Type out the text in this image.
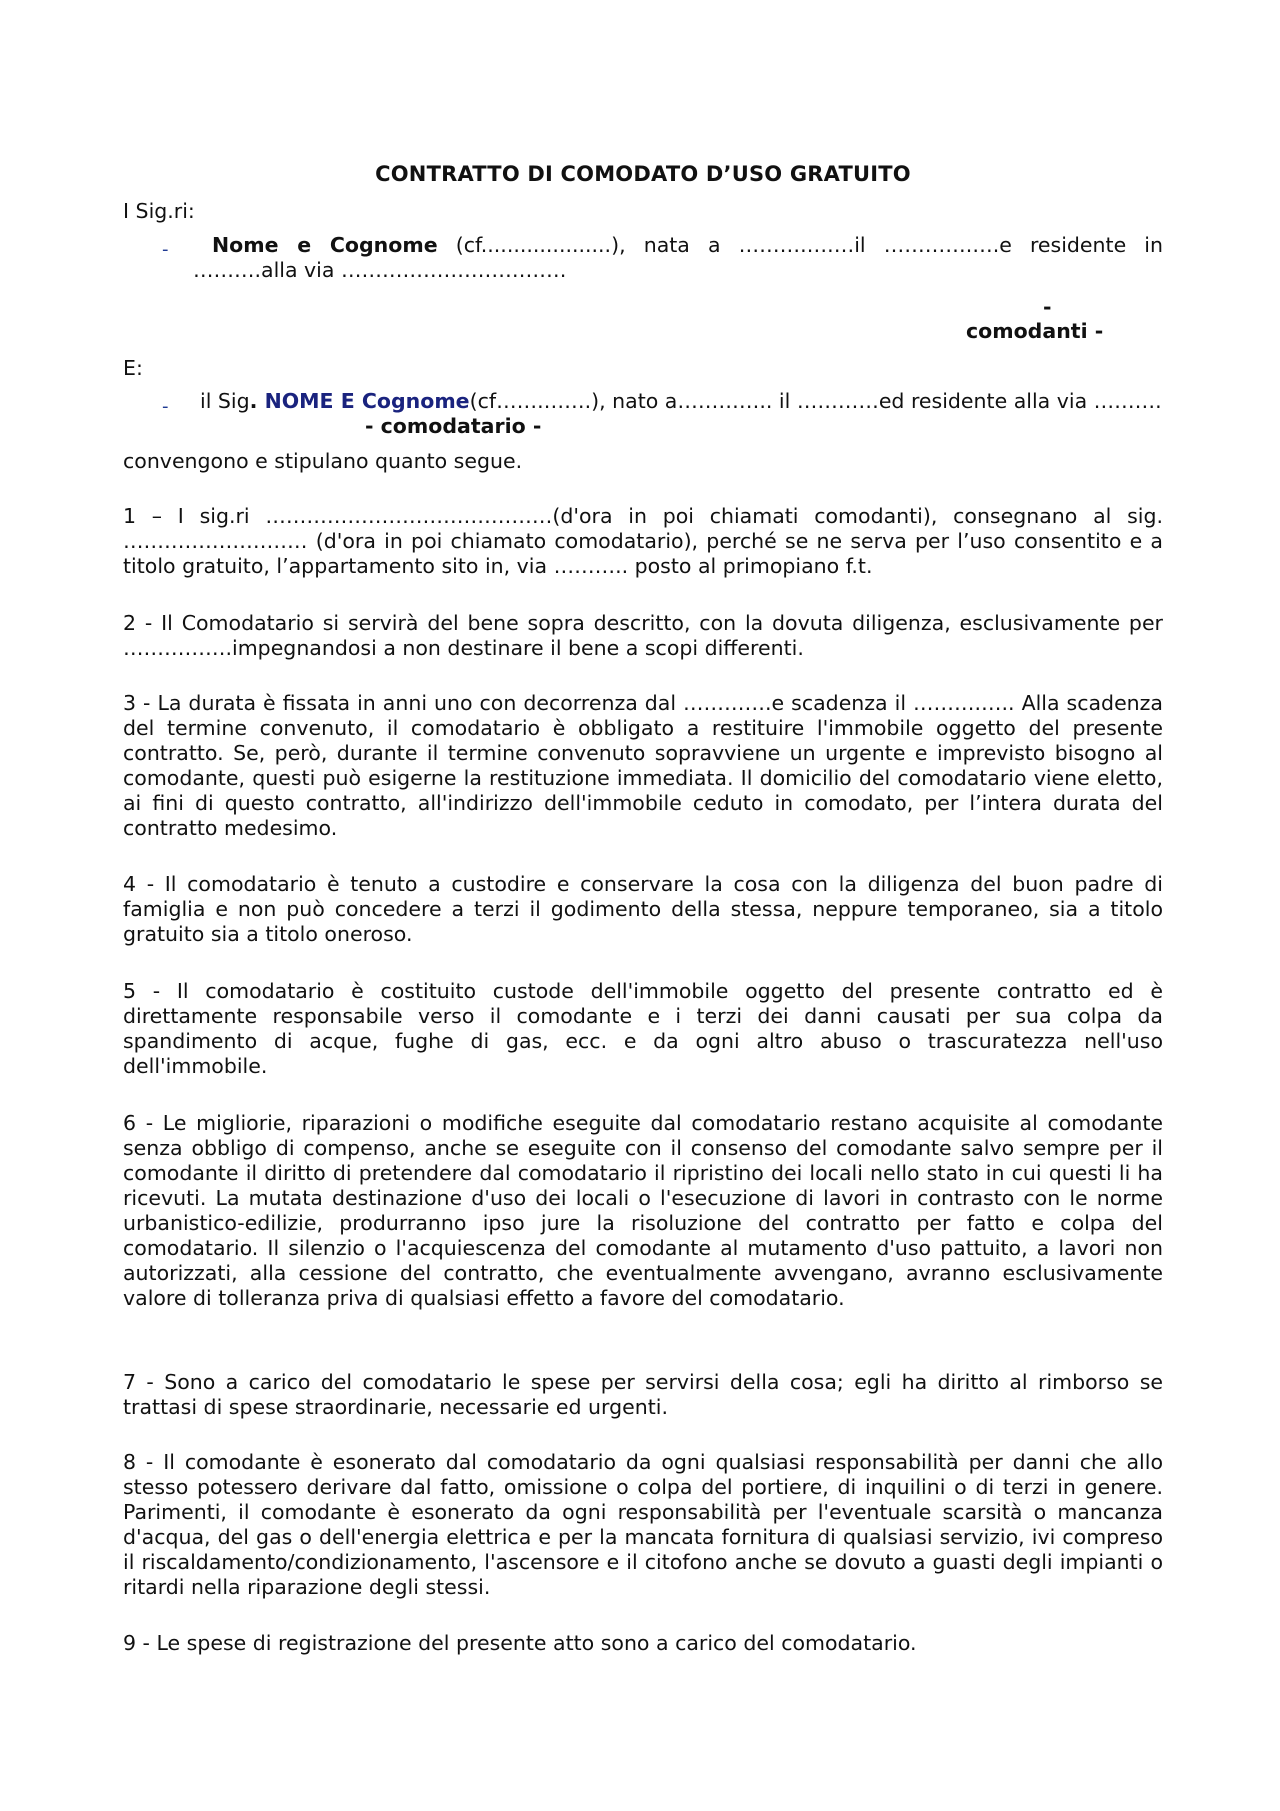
CONTRATTO DI COMODATO D’USO GRATUITO
I Sig.ri:
-	Nome e Cognome (cf....................), nata a ……….….…il ………….….e residente in ……….alla via ……………………………
-
comodanti -
E:
- il Sig. NOME E Cognome(cf…….…….), nato a………….. il …………ed residente alla via ……….
- comodatario -
convengono e stipulano quanto segue.
1 – I sig.ri ……………………………………(d'ora in poi chiamati comodanti), consegnano al sig. ……………………… (d'ora in poi chiamato comodatario), perché se ne serva per l’uso consentito e a titolo gratuito, l’appartamento sito in, via ……….. posto al primopiano f.t.
2 - Il Comodatario si servirà del bene sopra descritto, con la dovuta diligenza, esclusivamente per …………….impegnandosi a non destinare il bene a scopi differenti.
3 - La durata è fissata in anni uno con decorrenza dal ………….e scadenza il ……….….. Alla scadenza del termine convenuto, il comodatario è obbligato a restituire l'immobile oggetto del presente contratto. Se, però, durante il termine convenuto sopravviene un urgente e imprevisto bisogno al comodante, questi può esigerne la restituzione immediata. Il domicilio del comodatario viene eletto, ai fini di questo contratto, all'indirizzo dell'immobile ceduto in comodato, per l’intera durata del contratto medesimo.
4 - Il comodatario è tenuto a custodire e conservare la cosa con la diligenza del buon padre di famiglia e non può concedere a terzi il godimento della stessa, neppure temporaneo, sia a titolo gratuito sia a titolo oneroso.
5 - Il comodatario è costituito custode dell'immobile oggetto del presente contratto ed è direttamente responsabile verso il comodante e i terzi dei danni causati per sua colpa da spandimento di acque, fughe di gas, ecc. e da ogni altro abuso o trascuratezza nell'uso dell'immobile.
6 - Le migliorie, riparazioni o modifiche eseguite dal comodatario restano acquisite al comodante senza obbligo di compenso, anche se eseguite con il consenso del comodante salvo sempre per il comodante il diritto di pretendere dal comodatario il ripristino dei locali nello stato in cui questi li ha ricevuti. La mutata destinazione d'uso dei locali o l'esecuzione di lavori in contrasto con le norme urbanistico-edilizie, produrranno ipso jure la risoluzione del contratto per fatto e colpa del comodatario. Il silenzio o l'acquiescenza del comodante al mutamento d'uso pattuito, a lavori non autorizzati, alla cessione del contratto, che eventualmente avvengano, avranno esclusivamente valore di tolleranza priva di qualsiasi effetto a favore del comodatario.
7 - Sono a carico del comodatario le spese per servirsi della cosa; egli ha diritto al rimborso se trattasi di spese straordinarie, necessarie ed urgenti.
8 - Il comodante è esonerato dal comodatario da ogni qualsiasi responsabilità per danni che allo stesso potessero derivare dal fatto, omissione o colpa del portiere, di inquilini o di terzi in genere. Parimenti, il comodante è esonerato da ogni responsabilità per l'eventuale scarsità o mancanza d'acqua, del gas o dell'energia elettrica e per la mancata fornitura di qualsiasi servizio, ivi compreso il riscaldamento/condizionamento, l'ascensore e il citofono anche se dovuto a guasti degli impianti o ritardi nella riparazione degli stessi.
9 - Le spese di registrazione del presente atto sono a carico del comodatario.
